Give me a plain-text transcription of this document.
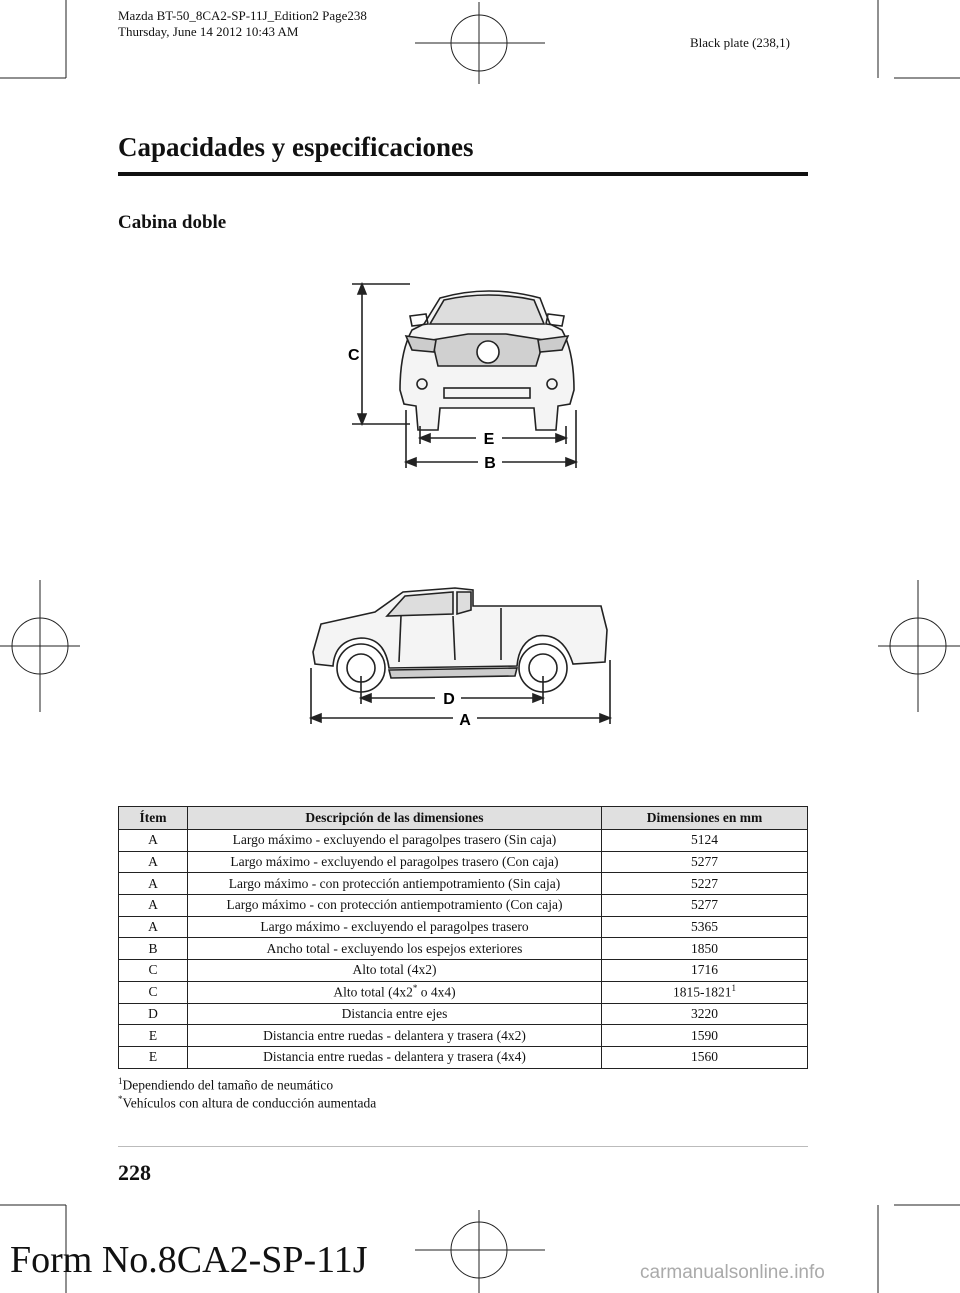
Mazda BT-50_8CA2-SP-11J_Edition2 Page238
Thursday, June 14 2012 10:43 AM
Black plate (238,1)
Capacidades y especificaciones
Cabina doble
C
E
B
D
A
Ítem	Descripción de las dimensiones	Dimensiones en mm
A	Largo máximo - excluyendo el paragolpes trasero (Sin caja)	5124
A	Largo máximo - excluyendo el paragolpes trasero (Con caja)	5277
A	Largo máximo - con protección antiempotramiento (Sin caja)	5227
A	Largo máximo - con protección antiempotramiento (Con caja)	5277
A	Largo máximo - excluyendo el paragolpes trasero	5365
B	Ancho total - excluyendo los espejos exteriores	1850
C	Alto total (4x2)	1716
C	Alto total (4x2* o 4x4)	1815-1821$^1$
D	Distancia entre ejes	3220
E	Distancia entre ruedas - delantera y trasera (4x2)	1590
E	Distancia entre ruedas - delantera y trasera (4x4)	1560
$^1$Dependiendo del tamaño de neumático
*Vehículos con altura de conducción aumentada
228
Form No.8CA2-SP-11J	carmanualsonline.info
